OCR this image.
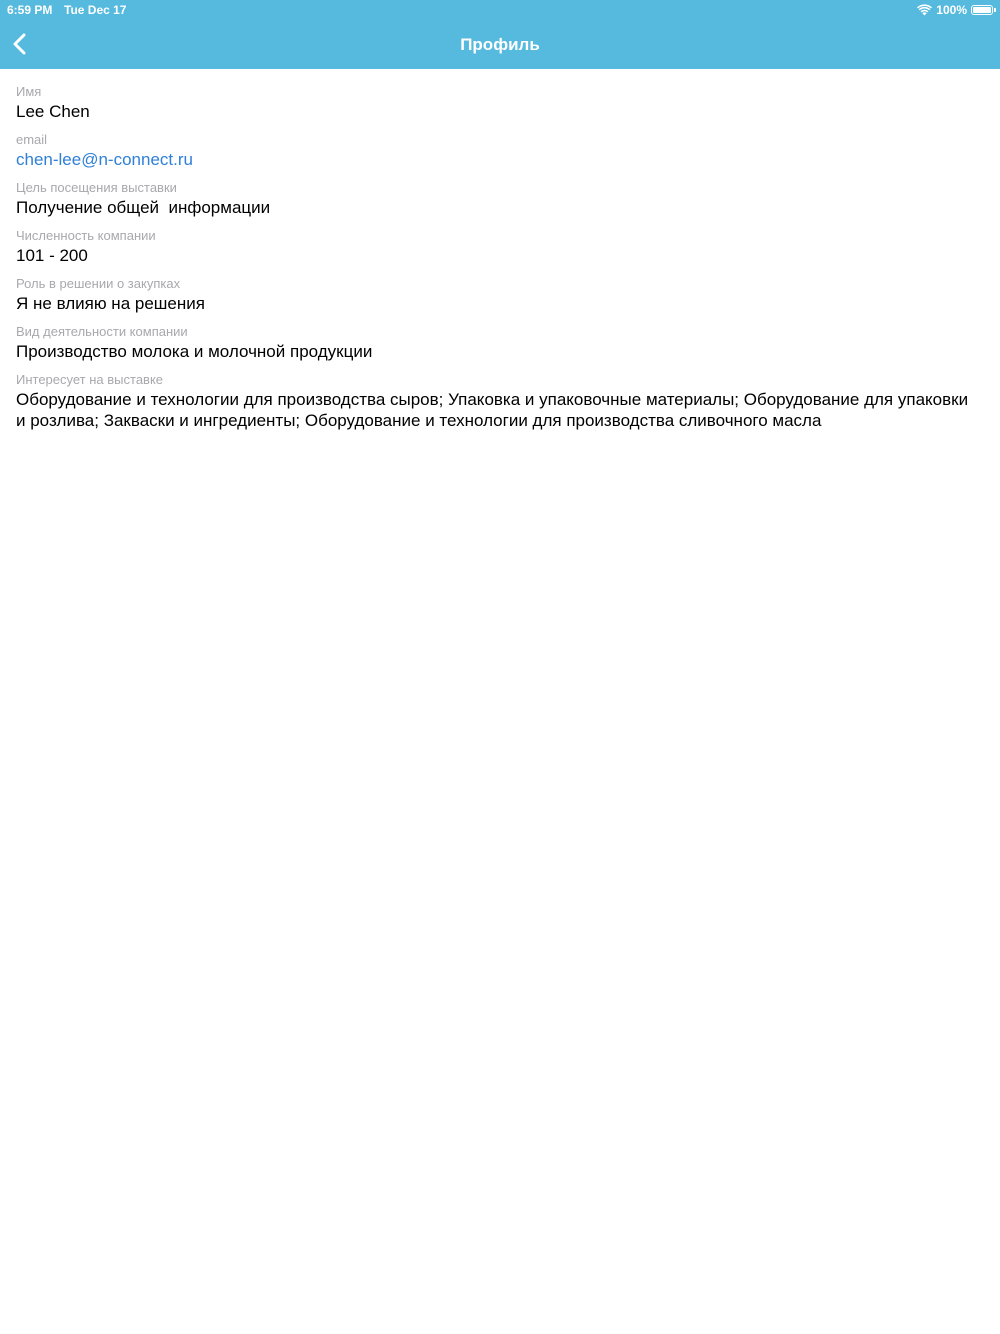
6:59 PM Tue Dec 17	100%
Профиль
Имя
Lee Chen
email
chen-lee@n-connect.ru
Цель посещения выставки
Получение общей  информации
Численность компании
101 - 200
Роль в решении о закупках
Я не влияю на решения
Вид деятельности компании
Производство молока и молочной продукции
Интересует на выставке
Оборудование и технологии для производства сыров; Упаковка и упаковочные материалы; Оборудование для упаковки и розлива; Закваски и ингредиенты; Оборудование и технологии для производства сливочного масла
